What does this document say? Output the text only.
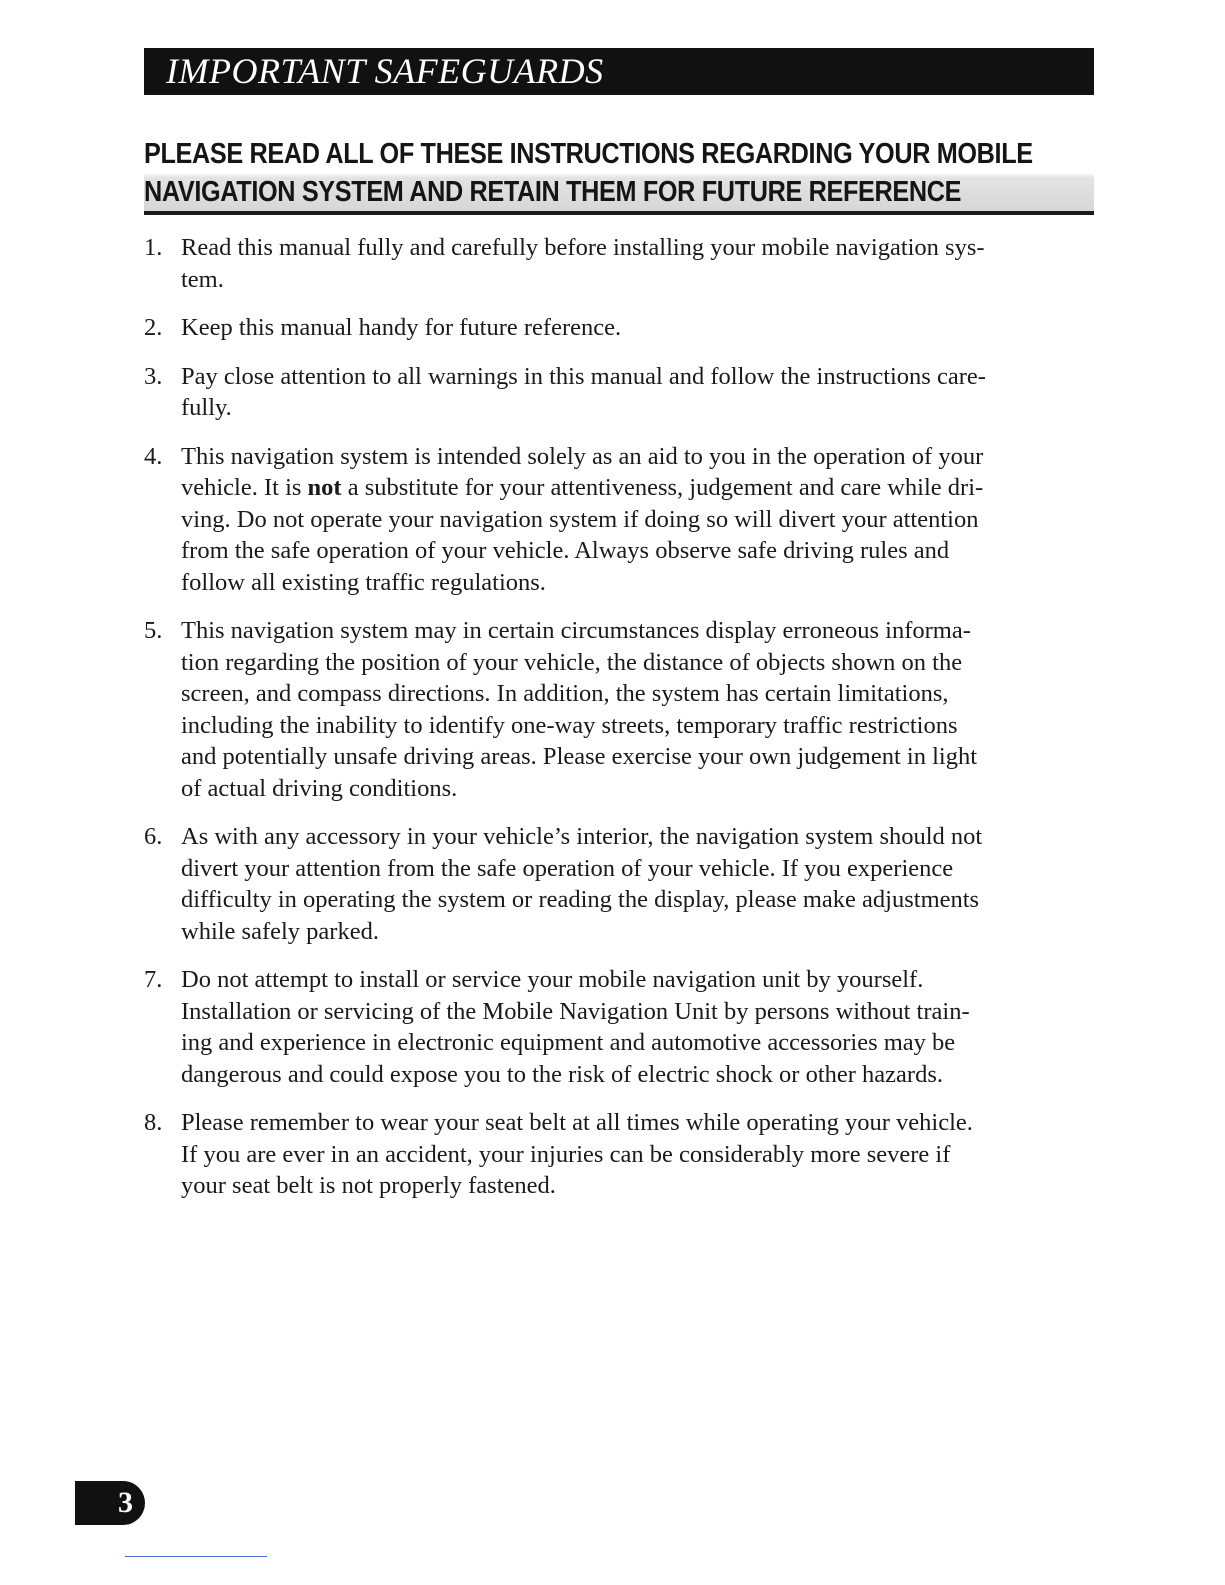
IMPORTANT SAFEGUARDS
PLEASE READ ALL OF THESE INSTRUCTIONS REGARDING YOUR MOBILE
NAVIGATION SYSTEM AND RETAIN THEM FOR FUTURE REFERENCE
1. Read this manual fully and carefully before installing your mobile navigation sys-
tem.
2. Keep this manual handy for future reference.
3. Pay close attention to all warnings in this manual and follow the instructions care-
fully.
4. This navigation system is intended solely as an aid to you in the operation of your
vehicle. It is not a substitute for your attentiveness, judgement and care while dri-
ving. Do not operate your navigation system if doing so will divert your attention
from the safe operation of your vehicle. Always observe safe driving rules and
follow all existing traffic regulations.
5. This navigation system may in certain circumstances display erroneous informa-
tion regarding the position of your vehicle, the distance of objects shown on the
screen, and compass directions. In addition, the system has certain limitations,
including the inability to identify one-way streets, temporary traffic restrictions
and potentially unsafe driving areas. Please exercise your own judgement in light
of actual driving conditions.
6. As with any accessory in your vehicle’s interior, the navigation system should not
divert your attention from the safe operation of your vehicle. If you experience
difficulty in operating the system or reading the display, please make adjustments
while safely parked.
7. Do not attempt to install or service your mobile navigation unit by yourself.
Installation or servicing of the Mobile Navigation Unit by persons without train-
ing and experience in electronic equipment and automotive accessories may be
dangerous and could expose you to the risk of electric shock or other hazards.
8. Please remember to wear your seat belt at all times while operating your vehicle.
If you are ever in an accident, your injuries can be considerably more severe if
your seat belt is not properly fastened.
3
